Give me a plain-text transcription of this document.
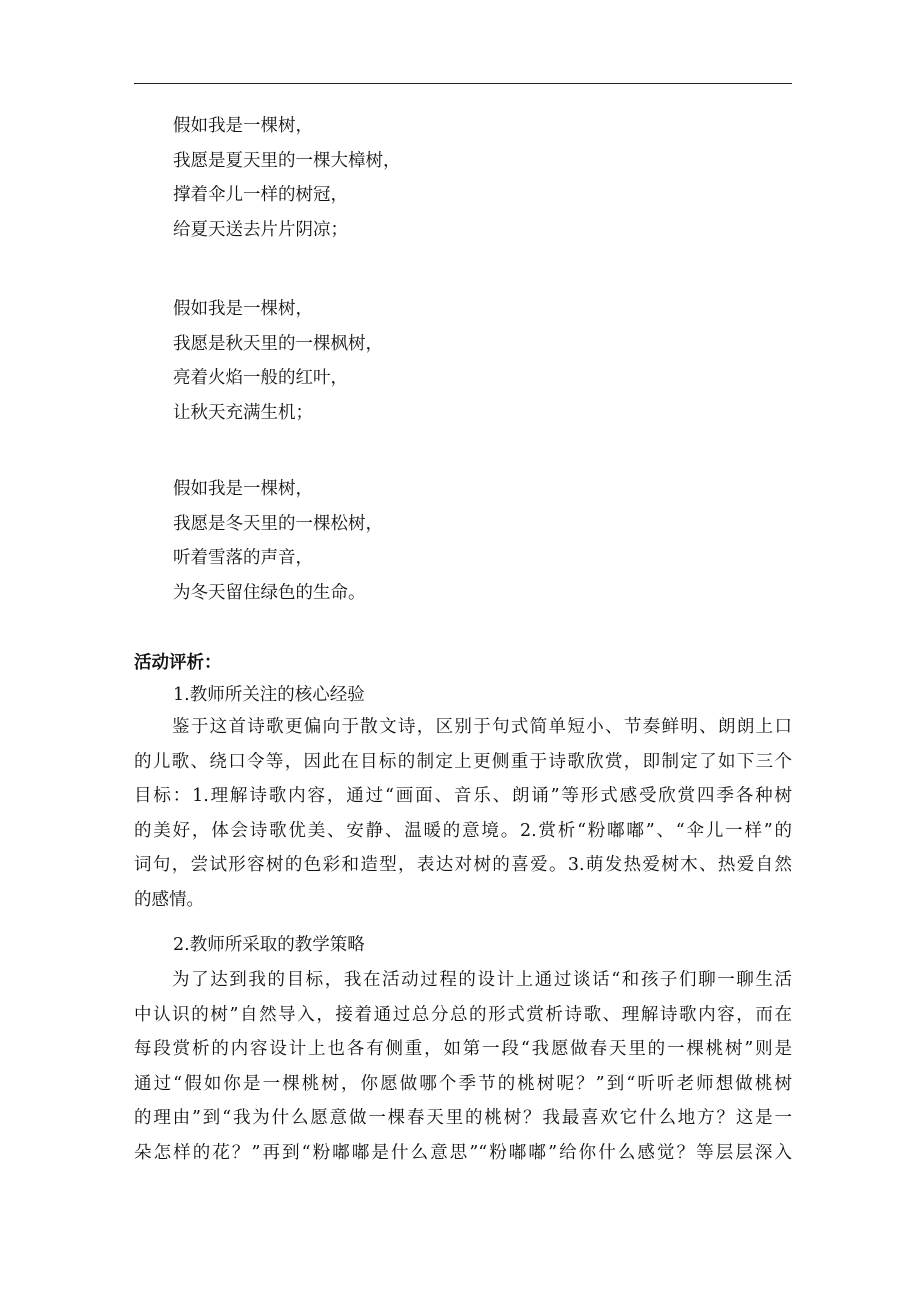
假如我是一棵树，
我愿是夏天里的一棵大樟树，
撑着伞儿一样的树冠，
给夏天送去片片阴凉；
假如我是一棵树，
我愿是秋天里的一棵枫树，
亮着火焰一般的红叶，
让秋天充满生机；
假如我是一棵树，
我愿是冬天里的一棵松树，
听着雪落的声音，
为冬天留住绿色的生命。
活动评析：
1.教师所关注的核心经验
鉴于这首诗歌更偏向于散文诗，区别于句式简单短小、节奏鲜明、朗朗上口
的儿歌、绕口令等，因此在目标的制定上更侧重于诗歌欣赏，即制定了如下三个
目标：1.理解诗歌内容，通过“画面、音乐、朗诵”等形式感受欣赏四季各种树
的美好，体会诗歌优美、安静、温暖的意境。2.赏析“粉嘟嘟”、“伞儿一样”的
词句，尝试形容树的色彩和造型，表达对树的喜爱。3.萌发热爱树木、热爱自然
的感情。
2.教师所采取的教学策略
为了达到我的目标，我在活动过程的设计上通过谈话“和孩子们聊一聊生活
中认识的树”自然导入，接着通过总分总的形式赏析诗歌、理解诗歌内容，而在
每段赏析的内容设计上也各有侧重，如第一段“我愿做春天里的一棵桃树”则是
通过“假如你是一棵桃树，你愿做哪个季节的桃树呢？”到“听听老师想做桃树
的理由”到“我为什么愿意做一棵春天里的桃树？我最喜欢它什么地方？这是一
朵怎样的花？”再到“粉嘟嘟是什么意思”“粉嘟嘟”给你什么感觉？等层层深入
